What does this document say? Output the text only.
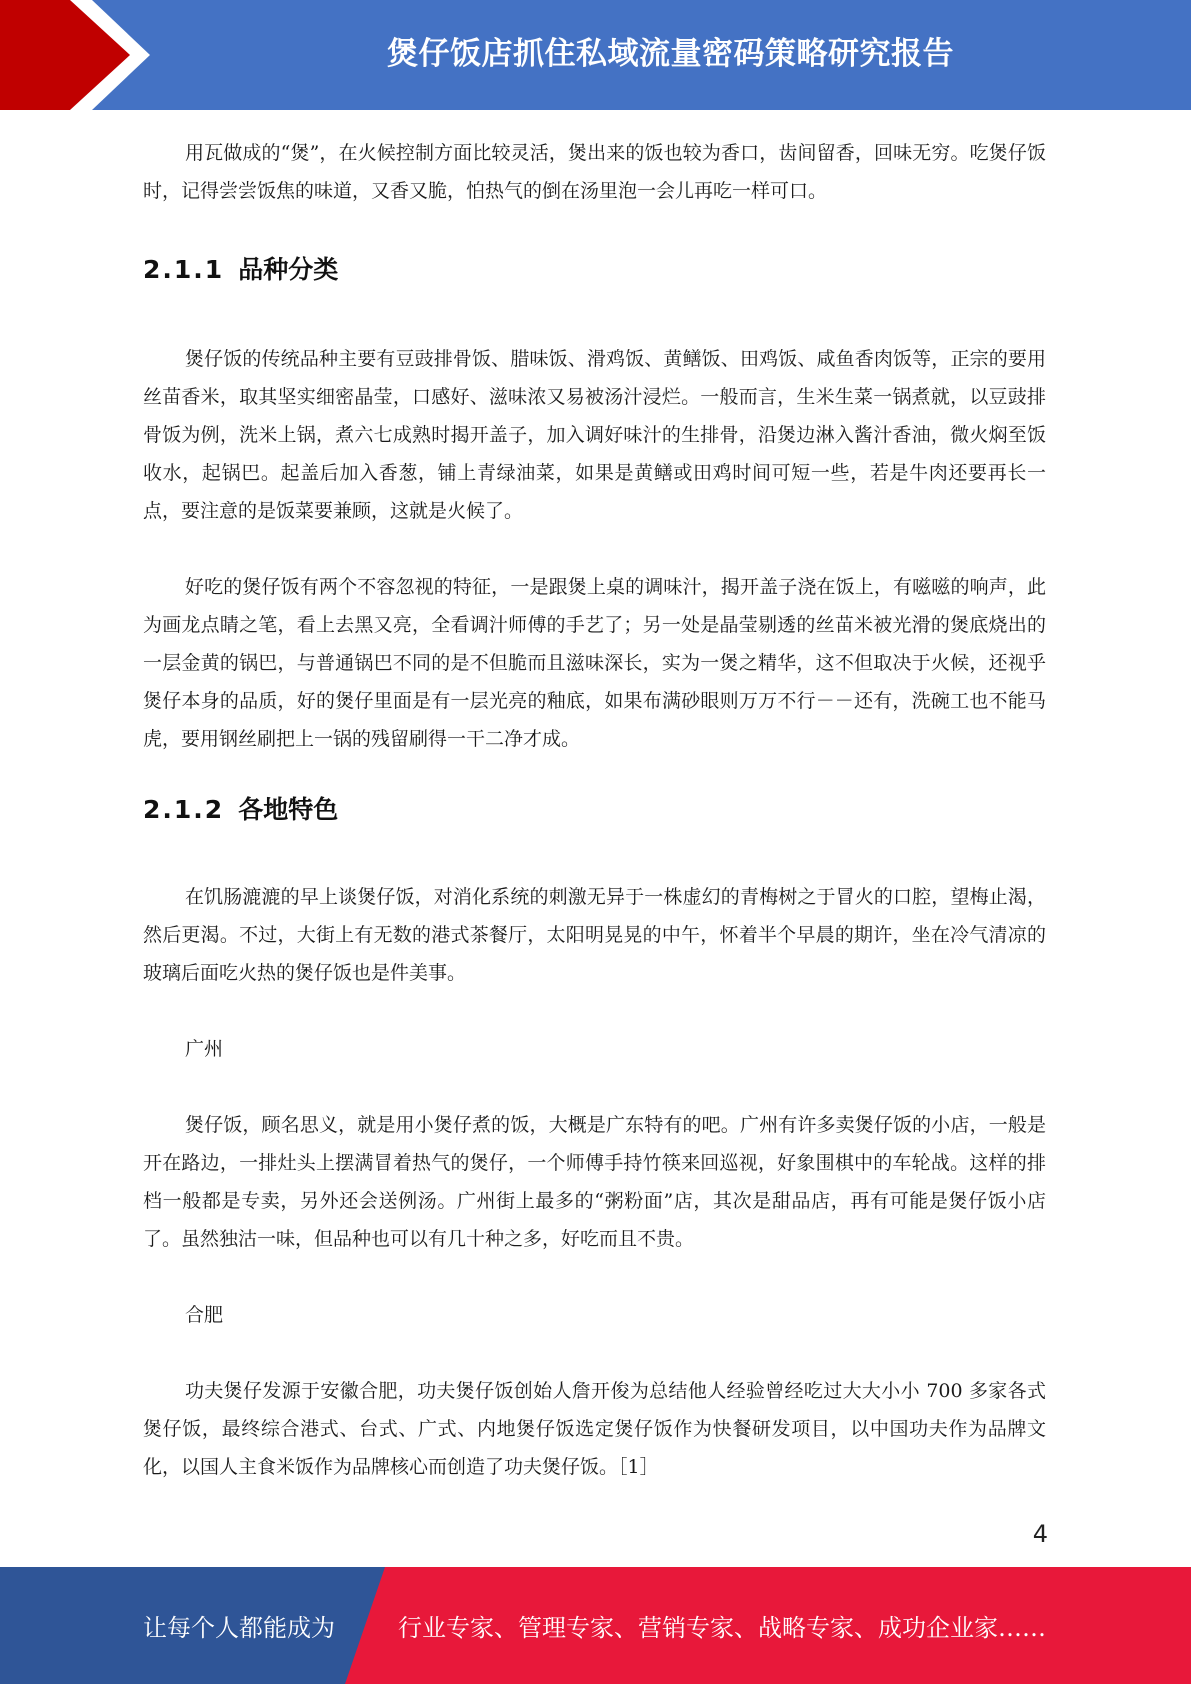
煲仔饭店抓住私域流量密码策略研究报告

用瓦做成的“煲”，在火候控制方面比较灵活，煲出来的饭也较为香口，齿间留香，回味无穷。吃煲仔饭时，记得尝尝饭焦的味道，又香又脆，怕热气的倒在汤里泡一会儿再吃一样可口。

2.1.1 品种分类

煲仔饭的传统品种主要有豆豉排骨饭、腊味饭、滑鸡饭、黄鳝饭、田鸡饭、咸鱼香肉饭等，正宗的要用丝苗香米，取其坚实细密晶莹，口感好、滋味浓又易被汤汁浸烂。一般而言，生米生菜一锅煮就，以豆豉排骨饭为例，洗米上锅，煮六七成熟时揭开盖子，加入调好味汁的生排骨，沿煲边淋入酱汁香油，微火焖至饭收水，起锅巴。起盖后加入香葱，铺上青绿油菜，如果是黄鳝或田鸡时间可短一些，若是牛肉还要再长一点，要注意的是饭菜要兼顾，这就是火候了。

好吃的煲仔饭有两个不容忽视的特征，一是跟煲上桌的调味汁，揭开盖子浇在饭上，有嗞嗞的响声，此为画龙点睛之笔，看上去黑又亮，全看调汁师傅的手艺了；另一处是晶莹剔透的丝苗米被光滑的煲底烧出的一层金黄的锅巴，与普通锅巴不同的是不但脆而且滋味深长，实为一煲之精华，这不但取决于火候，还视乎煲仔本身的品质，好的煲仔里面是有一层光亮的釉底，如果布满砂眼则万万不行－－还有，洗碗工也不能马虎，要用钢丝刷把上一锅的残留刷得一干二净才成。

2.1.2 各地特色

在饥肠漉漉的早上谈煲仔饭，对消化系统的刺激无异于一株虚幻的青梅树之于冒火的口腔，望梅止渴，然后更渴。不过，大街上有无数的港式茶餐厅，太阳明晃晃的中午，怀着半个早晨的期许，坐在冷气清凉的玻璃后面吃火热的煲仔饭也是件美事。

广州

煲仔饭，顾名思义，就是用小煲仔煮的饭，大概是广东特有的吧。广州有许多卖煲仔饭的小店，一般是开在路边，一排灶头上摆满冒着热气的煲仔，一个师傅手持竹筷来回巡视，好象围棋中的车轮战。这样的排档一般都是专卖，另外还会送例汤。广州街上最多的“粥粉面”店，其次是甜品店，再有可能是煲仔饭小店了。虽然独沽一味，但品种也可以有几十种之多，好吃而且不贵。

合肥

功夫煲仔发源于安徽合肥，功夫煲仔饭创始人詹开俊为总结他人经验曾经吃过大大小小 700 多家各式煲仔饭，最终综合港式、台式、广式、内地煲仔饭选定煲仔饭作为快餐研发项目，以中国功夫作为品牌文化，以国人主食米饭作为品牌核心而创造了功夫煲仔饭。［1］

4
让每个人都能成为	行业专家、管理专家、营销专家、战略专家、成功企业家……
